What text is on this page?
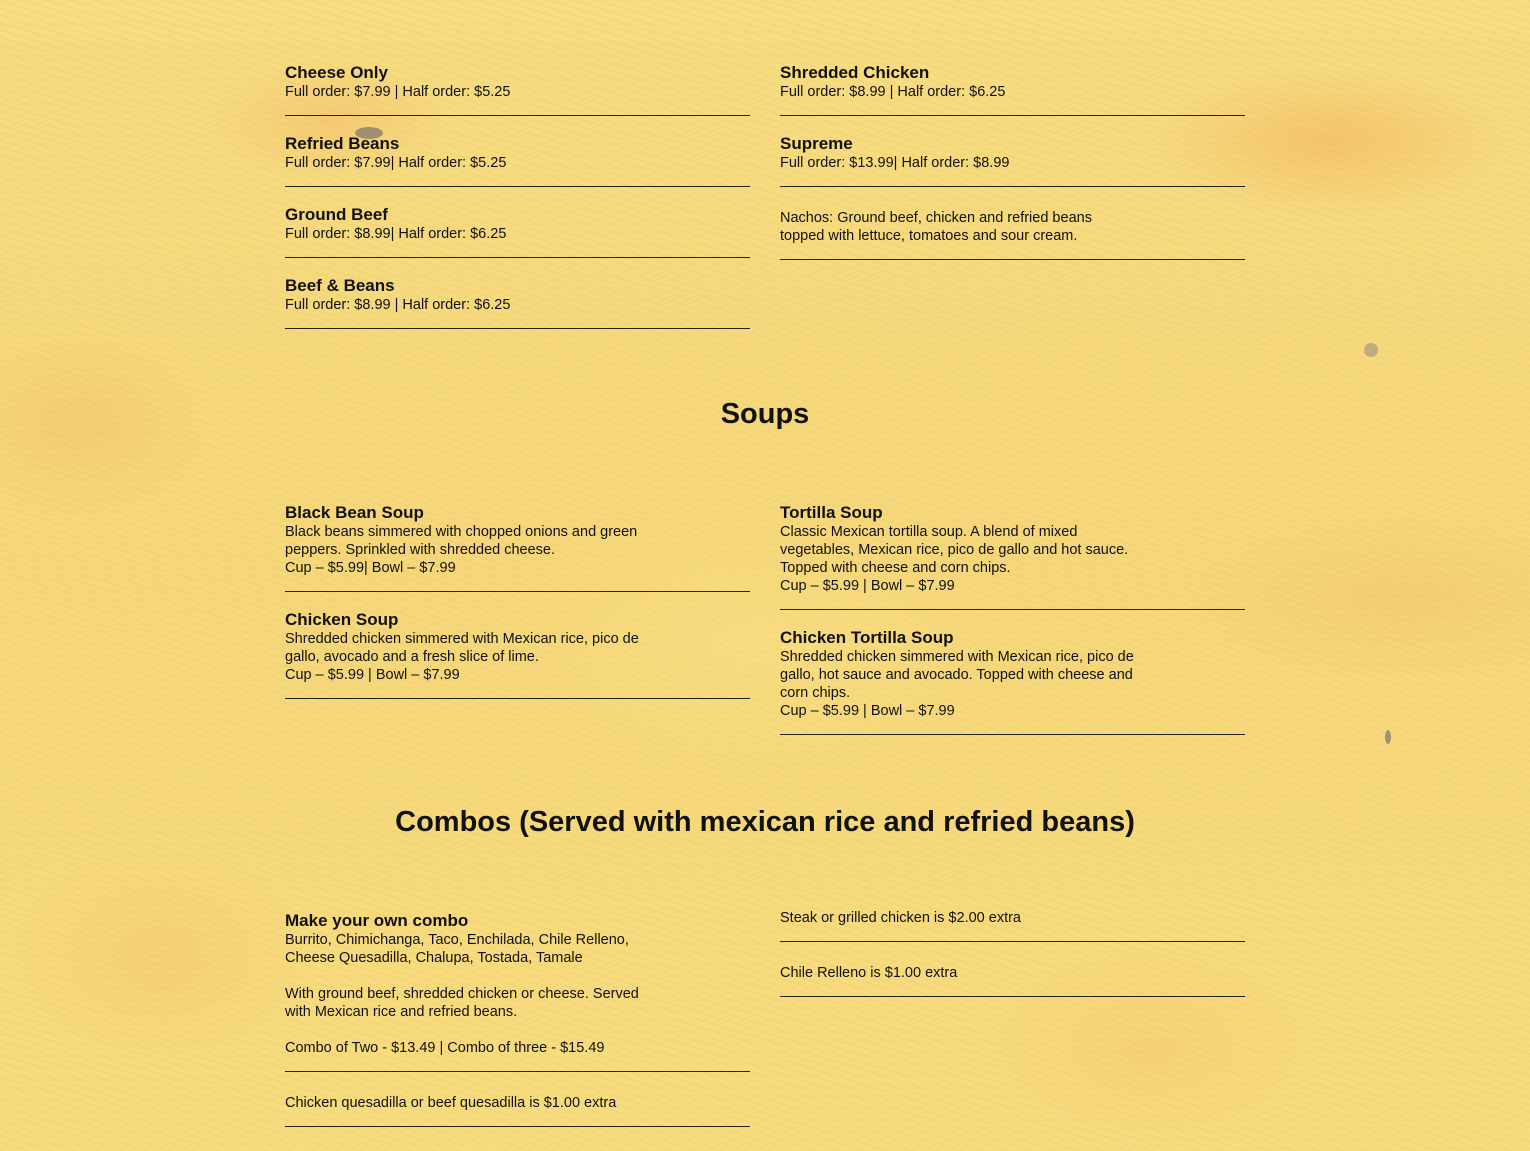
Cheese Only
Full order: $7.99 | Half order: $5.25
Refried Beans
Full order: $7.99| Half order: $5.25
Ground Beef
Full order: $8.99| Half order: $6.25
Beef & Beans
Full order: $8.99 | Half order: $6.25
Shredded Chicken
Full order: $8.99 | Half order: $6.25
Supreme
Full order: $13.99| Half order: $8.99
Nachos: Ground beef, chicken and refried beans
topped with lettuce, tomatoes and sour cream.
Soups
Black Bean Soup
Black beans simmered with chopped onions and green
peppers. Sprinkled with shredded cheese.
Cup – $5.99| Bowl – $7.99
Chicken Soup
Shredded chicken simmered with Mexican rice, pico de
gallo, avocado and a fresh slice of lime.
Cup – $5.99 | Bowl – $7.99
Tortilla Soup
Classic Mexican tortilla soup. A blend of mixed
vegetables, Mexican rice, pico de gallo and hot sauce.
Topped with cheese and corn chips.
Cup – $5.99 | Bowl – $7.99
Chicken Tortilla Soup
Shredded chicken simmered with Mexican rice, pico de
gallo, hot sauce and avocado. Topped with cheese and
corn chips.
Cup – $5.99 | Bowl – $7.99
Combos (Served with mexican rice and refried beans)
Make your own combo
Burrito, Chimichanga, Taco, Enchilada, Chile Relleno,
Cheese Quesadilla, Chalupa, Tostada, Tamale

With ground beef, shredded chicken or cheese. Served
with Mexican rice and refried beans.

Combo of Two - $13.49 | Combo of three - $15.49
Chicken quesadilla or beef quesadilla is $1.00 extra
Steak or grilled chicken is $2.00 extra
Chile Relleno is $1.00 extra
